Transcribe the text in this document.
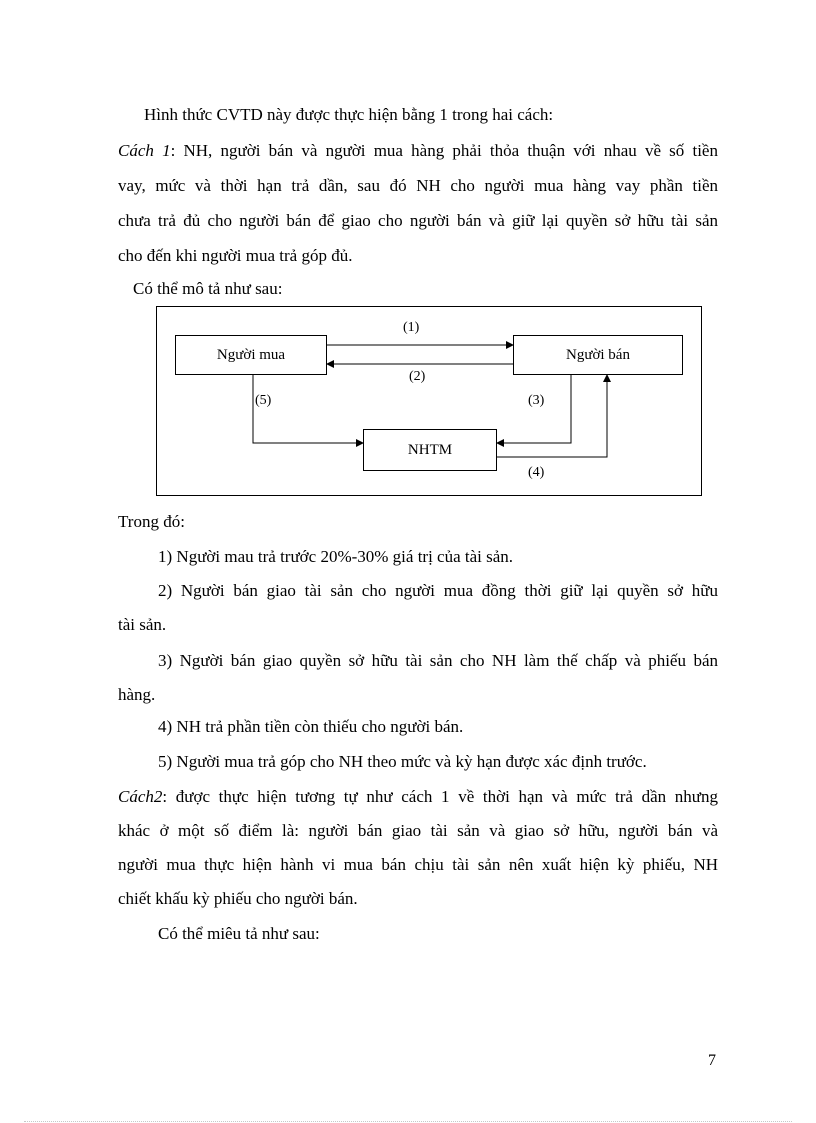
Hình thức CVTD này được thực hiện bằng 1 trong hai cách:
Cách 1: NH, người bán và người mua hàng phải thỏa thuận với nhau về số tiền
vay, mức và thời hạn trả dần, sau đó NH cho người mua hàng vay phần tiền
chưa trả đủ cho người bán để giao cho người bán và giữ lại quyền sở hữu tài sản
cho đến khi người mua trả góp đủ.
Có thể mô tả như sau:
Người mua	Người bán
NHTM
(1)
(2)
(5)	(3)
(4)
Trong đó:
1) Người mau trả trước 20%-30% giá trị của tài sản.
2) Người bán giao tài sản cho người mua đồng thời giữ lại quyền sở hữu
tài sản.
3) Người bán giao quyền sở hữu tài sản cho NH làm thế chấp và phiếu bán
hàng.
4) NH trả phần tiền còn thiếu cho người bán.
5) Người mua trả góp cho NH theo mức và kỳ hạn được xác định trước.
Cách2: được thực hiện tương tự như cách 1 về thời hạn và mức trả dần nhưng
khác ở một số điểm là: người bán giao tài sản và giao sở hữu, người bán và
người mua thực hiện hành vi mua bán chịu tài sản nên xuất hiện kỳ phiếu, NH
chiết khấu kỳ phiếu cho người bán.
Có thể miêu tả như sau:
7
